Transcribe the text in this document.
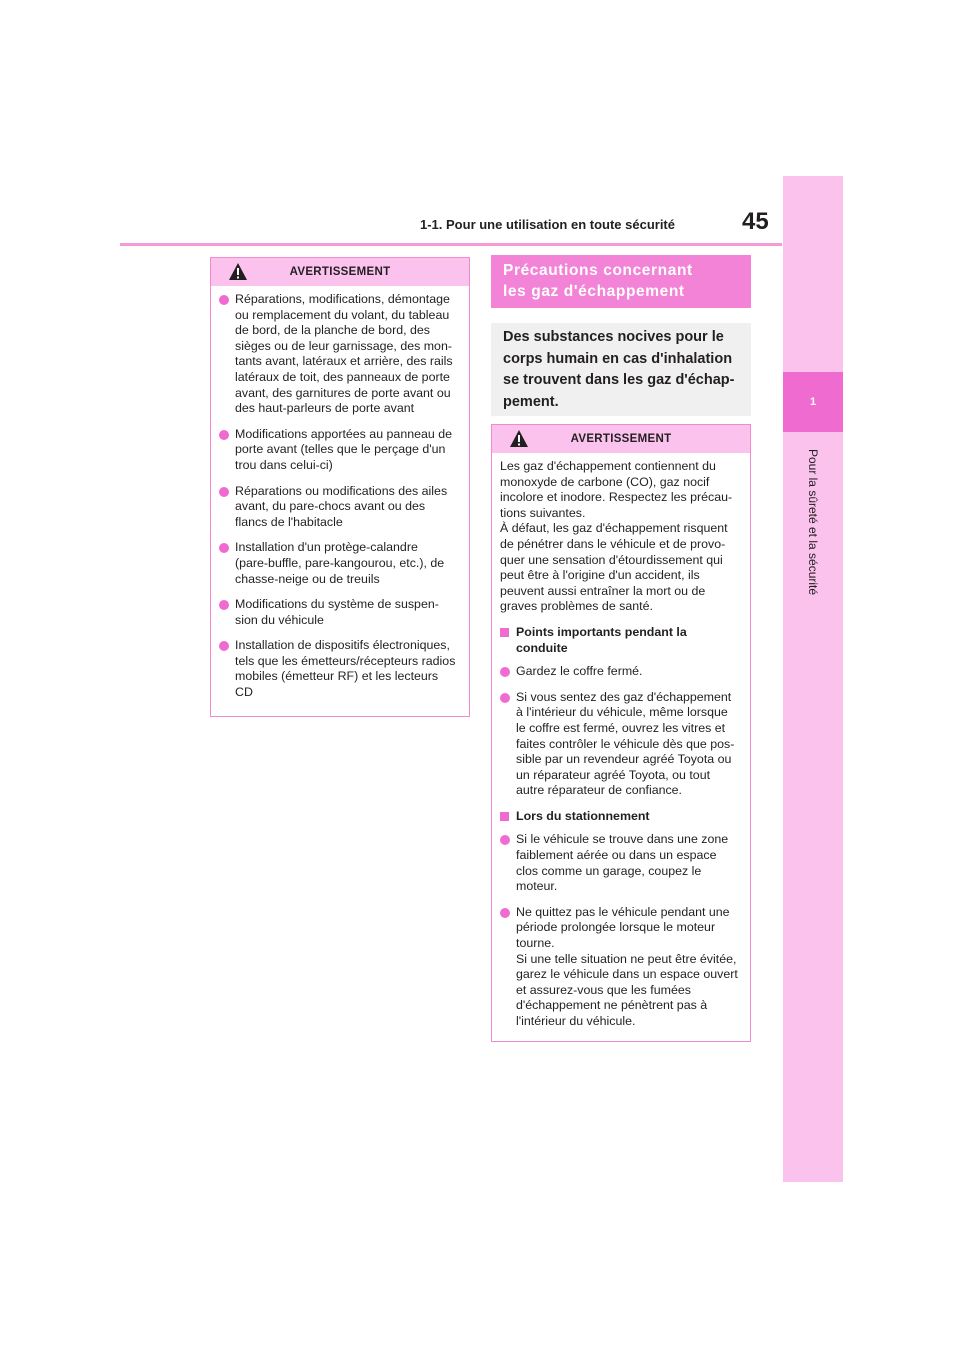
1-1. Pour une utilisation en toute sécurité	45
1
Pour la sûreté et la sécurité
AVERTISSEMENT
Réparations, modifications, démontage
ou remplacement du volant, du tableau
de bord, de la planche de bord, des
sièges ou de leur garnissage, des mon-
tants avant, latéraux et arrière, des rails
latéraux de toit, des panneaux de porte
avant, des garnitures de porte avant ou
des haut-parleurs de porte avant
Modifications apportées au panneau de
porte avant (telles que le perçage d'un
trou dans celui-ci)
Réparations ou modifications des ailes
avant, du pare-chocs avant ou des
flancs de l'habitacle
Installation d'un protège-calandre
(pare-buffle, pare-kangourou, etc.), de
chasse-neige ou de treuils
Modifications du système de suspen-
sion du véhicule
Installation de dispositifs électroniques,
tels que les émetteurs/récepteurs radios
mobiles (émetteur RF) et les lecteurs
CD
Précautions concernant
les gaz d'échappement
Des substances nocives pour le
corps humain en cas d'inhalation
se trouvent dans les gaz d'échap-
pement.
AVERTISSEMENT
Les gaz d'échappement contiennent du
monoxyde de carbone (CO), gaz nocif
incolore et inodore. Respectez les précau-
tions suivantes.
À défaut, les gaz d'échappement risquent
de pénétrer dans le véhicule et de provo-
quer une sensation d'étourdissement qui
peut être à l'origine d'un accident, ils
peuvent aussi entraîner la mort ou de
graves problèmes de santé.
Points importants pendant la
conduite
Gardez le coffre fermé.
Si vous sentez des gaz d'échappement
à l'intérieur du véhicule, même lorsque
le coffre est fermé, ouvrez les vitres et
faites contrôler le véhicule dès que pos-
sible par un revendeur agréé Toyota ou
un réparateur agréé Toyota, ou tout
autre réparateur de confiance.
Lors du stationnement
Si le véhicule se trouve dans une zone
faiblement aérée ou dans un espace
clos comme un garage, coupez le
moteur.
Ne quittez pas le véhicule pendant une
période prolongée lorsque le moteur
tourne.
Si une telle situation ne peut être évitée,
garez le véhicule dans un espace ouvert
et assurez-vous que les fumées
d'échappement ne pénètrent pas à
l'intérieur du véhicule.
